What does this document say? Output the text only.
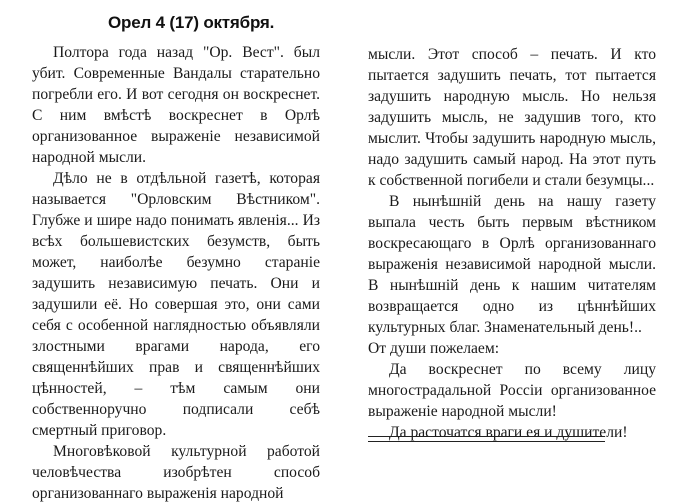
Орел 4 (17) октября.

Полтора года назад "Ор. Вест". был убит. Современные Вандалы старательно погребли его. И вот сегодня он воскреснет. С ним вмѣстѣ воскреснет в Орлѣ организованное выраженіе независимой народной мысли.

Дѣло не в отдѣльной газетѣ, которая называется "Орловским Вѣстником". Глубже и шире надо понимать явленія... Из всѣх большевистских безумств, быть может, наиболѣе безумно стараніе задушить независимую печать. Они и задушили её. Но совершая это, они сами себя с особенной наглядностью объявляли злостными врагами народа, его священнѣйших прав и священнѣйших цѣнностей, – тѣм самым они собственноручно подписали себѣ смертный приговор.

Многовѣковой культурной работой человѣчества изобрѣтен способ организованнаго выраженія народной

мысли. Этот способ – печать. И кто пытается задушить печать, тот пытается задушить народную мысль. Но нельзя задушить мысль, не задушив того, кто мыслит. Чтобы задушить народную мысль, надо задушить самый народ. На этот путь к собственной погибели и стали безумцы...

В нынѣшній день на нашу газету выпала честь быть первым вѣстником воскресающаго в Орлѣ организованнаго выраженія независимой народной мысли. В нынѣшній день к нашим читателям возвращается одно из цѣннѣйших культурных благ. Знаменательный день!..

От души пожелаем:

Да воскреснет по всему лицу многострадальной Россіи организованное выраженіе народной мысли!

Да расточатся враги ея и душители!
